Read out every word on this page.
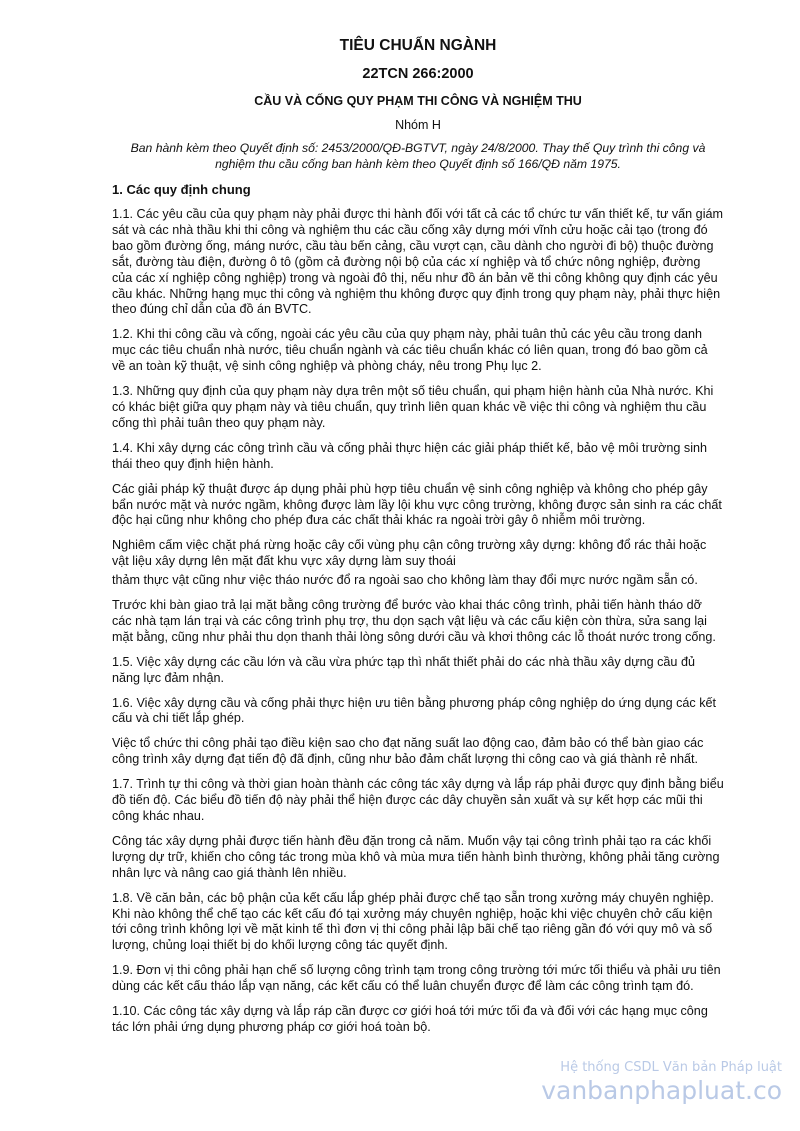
TIÊU CHUẨN NGÀNH
22TCN 266:2000
CẦU VÀ CỐNG QUY PHẠM THI CÔNG VÀ NGHIỆM THU
Nhóm H
Ban hành kèm theo Quyết định số: 2453/2000/QĐ-BGTVT, ngày 24/8/2000. Thay thế Quy trình thi công và nghiệm thu cầu cống ban hành kèm theo Quyết định số 166/QĐ năm 1975.
1. Các quy định chung

1.1. Các yêu cầu của quy phạm này phải được thi hành đối với tất cả các tổ chức tư vấn thiết kế, tư vấn giám sát và các nhà thầu khi thi công và nghiệm thu các cầu cống xây dựng mới vĩnh cửu hoặc cải tạo (trong đó bao gồm đường ống, máng nước, cầu tàu bến cảng, cầu vượt cạn, cầu dành cho người đi bộ) thuộc đường sắt, đường tàu điện, đường ô tô (gồm cả đường nội bộ của các xí nghiệp và tổ chức nông nghiệp, đường của các xí nghiệp công nghiệp) trong và ngoài đô thị, nếu như đồ án bản vẽ thi công không quy định các yêu cầu khác. Những hạng mục thi công và nghiệm thu không được quy định trong quy phạm này, phải thực hiện theo đúng chỉ dẫn của đồ án BVTC.

1.2. Khi thi công cầu và cống, ngoài các yêu cầu của quy phạm này, phải tuân thủ các yêu cầu trong danh mục các tiêu chuẩn nhà nước, tiêu chuẩn ngành và các tiêu chuẩn khác có liên quan, trong đó bao gồm cả về an toàn kỹ thuật, vệ sinh công nghiệp và phòng cháy, nêu trong Phụ lục 2.

1.3. Những quy định của quy phạm này dựa trên một số tiêu chuẩn, qui phạm hiện hành của Nhà nước. Khi có khác biệt giữa quy phạm này và tiêu chuẩn, quy trình liên quan khác về việc thi công và nghiệm thu cầu cống thì phải tuân theo quy phạm này.

1.4. Khi xây dựng các công trình cầu và cống phải thực hiện các giải pháp thiết kế, bảo vệ môi trường sinh thái theo quy định hiện hành.

Các giải pháp kỹ thuật được áp dụng phải phù hợp tiêu chuẩn vệ sinh công nghiệp và không cho phép gây bẩn nước mặt và nước ngầm, không được làm lầy lội khu vực công trường, không được sản sinh ra các chất độc hại cũng như không cho phép đưa các chất thải khác ra ngoài trời gây ô nhiễm môi trường.

Nghiêm cấm việc chặt phá rừng hoặc cây cối vùng phụ cận công trường xây dựng: không đổ rác thải hoặc vật liệu xây dựng lên mặt đất khu vực xây dựng làm suy thoái

thảm thực vật cũng như việc tháo nước đổ ra ngoài sao cho không làm thay đổi mực nước ngầm sẵn có.

Trước khi bàn giao trả lại mặt bằng công trường để bước vào khai thác công trình, phải tiến hành tháo dỡ các nhà tạm lán trại và các công trình phụ trợ, thu dọn sạch vật liệu và các cấu kiện còn thừa, sửa sang lại mặt bằng, cũng như phải thu dọn thanh thải lòng sông dưới cầu và khơi thông các lỗ thoát nước trong cống.

1.5. Việc xây dựng các cầu lớn và cầu vừa phức tạp thì nhất thiết phải do các nhà thầu xây dựng cầu đủ năng lực đảm nhận.

1.6. Việc xây dựng cầu và cống phải thực hiện ưu tiên bằng phương pháp công nghiệp do ứng dụng các kết cấu và chi tiết lắp ghép.

Việc tổ chức thi công phải tạo điều kiện sao cho đạt năng suất lao động cao, đảm bảo có thể bàn giao các công trình xây dựng đạt tiến độ đã định, cũng như bảo đảm chất lượng thi công cao và giá thành rẻ nhất.

1.7. Trình tự thi công và thời gian hoàn thành các công tác xây dựng và lắp ráp phải được quy định bằng biểu đồ tiến độ. Các biểu đồ tiến độ này phải thể hiện được các dây chuyền sản xuất và sự kết hợp các mũi thi công khác nhau.

Công tác xây dựng phải được tiến hành đều đặn trong cả năm. Muốn vậy tại công trình phải tạo ra các khối lượng dự trữ, khiến cho công tác trong mùa khô và mùa mưa tiến hành bình thường, không phải tăng cường nhân lực và nâng cao giá thành lên nhiều.

1.8. Về căn bản, các bộ phận của kết cấu lắp ghép phải được chế tạo sẵn trong xưởng máy chuyên nghiệp. Khi nào không thể chế tạo các kết cấu đó tại xưởng máy chuyên nghiệp, hoặc khi việc chuyên chở cấu kiện tới công trình không lợi về mặt kinh tế thì đơn vị thi công phải lập bãi chế tạo riêng gần đó với quy mô và số lượng, chủng loại thiết bị do khối lượng công tác quyết định.

1.9. Đơn vị thi công phải hạn chế số lượng công trình tạm trong công trường tới mức tối thiểu và phải ưu tiên dùng các kết cấu tháo lắp vạn năng, các kết cấu có thể luân chuyển được để làm các công trình tạm đó.

1.10. Các công tác xây dựng và lắp ráp cần được cơ giới hoá tới mức tối đa và đối với các hạng mục công tác lớn phải ứng dụng phương pháp cơ giới hoá toàn bộ.

Hệ thống CSDL Văn bản Pháp luật
vanbanphapluat.co
